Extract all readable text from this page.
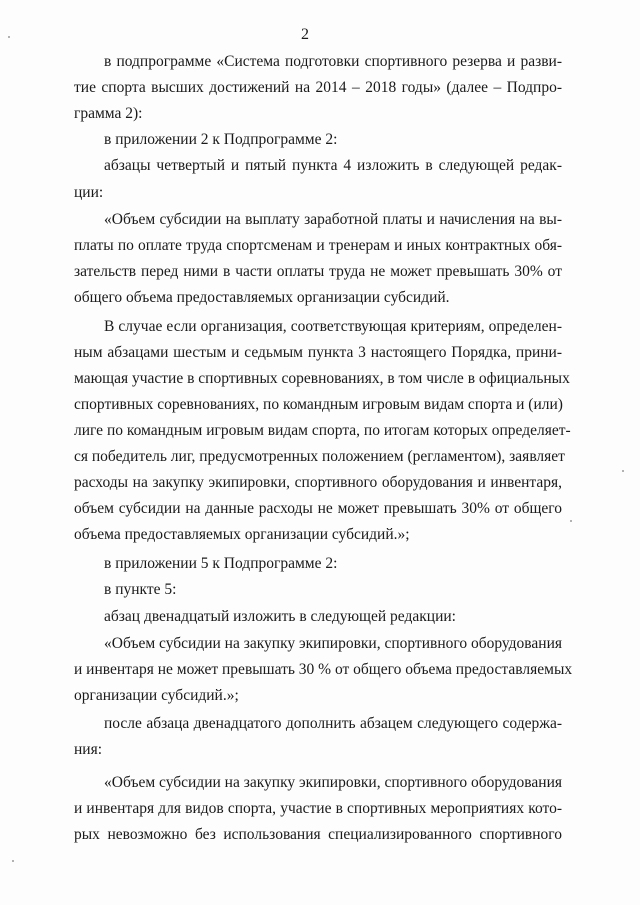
2
в подпрограмме «Система подготовки спортивного резерва и разви-
тие спорта высших достижений на 2014 – 2018 годы» (далее – Подпро-
грамма 2):
в приложении 2 к Подпрограмме 2:
абзацы четвертый и пятый пункта 4 изложить в следующей редак-
ции:
«Объем субсидии на выплату заработной платы и начисления на вы-
платы по оплате труда спортсменам и тренерам и иных контрактных обя-
зательств перед ними в части оплаты труда не может превышать 30% от
общего объема предоставляемых организации субсидий.
В случае если организация, соответствующая критериям, определен-
ным абзацами шестым и седьмым пункта 3 настоящего Порядка, прини-
мающая участие в спортивных соревнованиях, в том числе в официальных
спортивных соревнованиях, по командным игровым видам спорта и (или)
лиге по командным игровым видам спорта, по итогам которых определяет-
ся победитель лиг, предусмотренных положением (регламентом), заявляет
расходы на закупку экипировки, спортивного оборудования и инвентаря,
объем субсидии на данные расходы не может превышать 30% от общего
объема предоставляемых организации субсидий.»;
в приложении 5 к Подпрограмме 2:
в пункте 5:
абзац двенадцатый изложить в следующей редакции:
«Объем субсидии на закупку экипировки, спортивного оборудования
и инвентаря не может превышать 30 % от общего объема предоставляемых
организации субсидий.»;
после абзаца двенадцатого дополнить абзацем следующего содержа-
ния:
«Объем субсидии на закупку экипировки, спортивного оборудования
и инвентаря для видов спорта, участие в спортивных мероприятиях кото-
рых невозможно без использования специализированного спортивного
